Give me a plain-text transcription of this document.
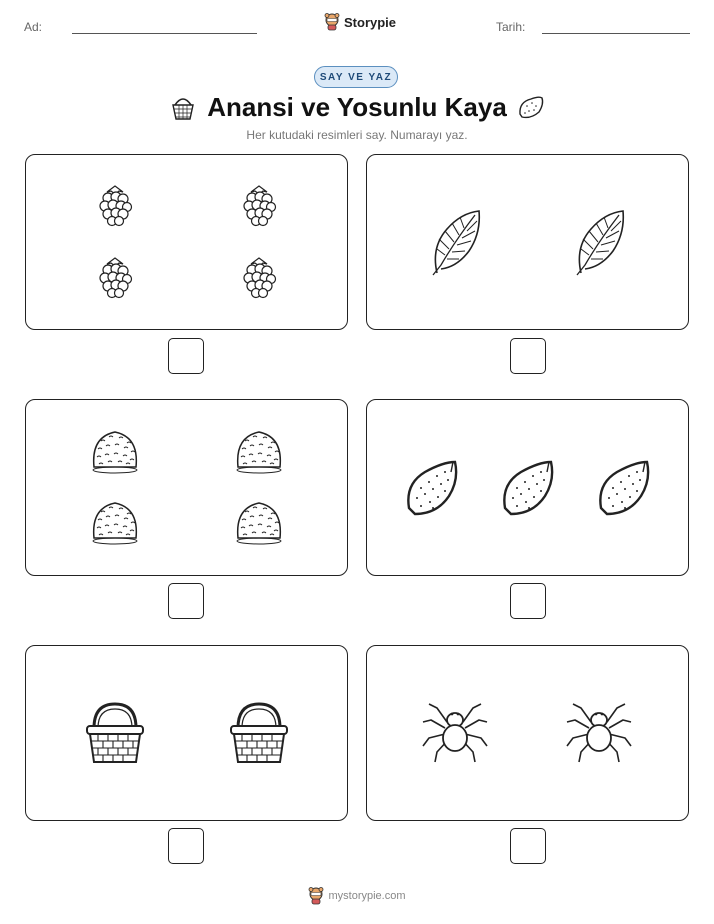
Ad:	Storypie	Tarih:
SAY VE YAZ
Anansi ve Yosunlu Kaya
Her kutudaki resimleri say. Numarayı yaz.
mystorypie.com
